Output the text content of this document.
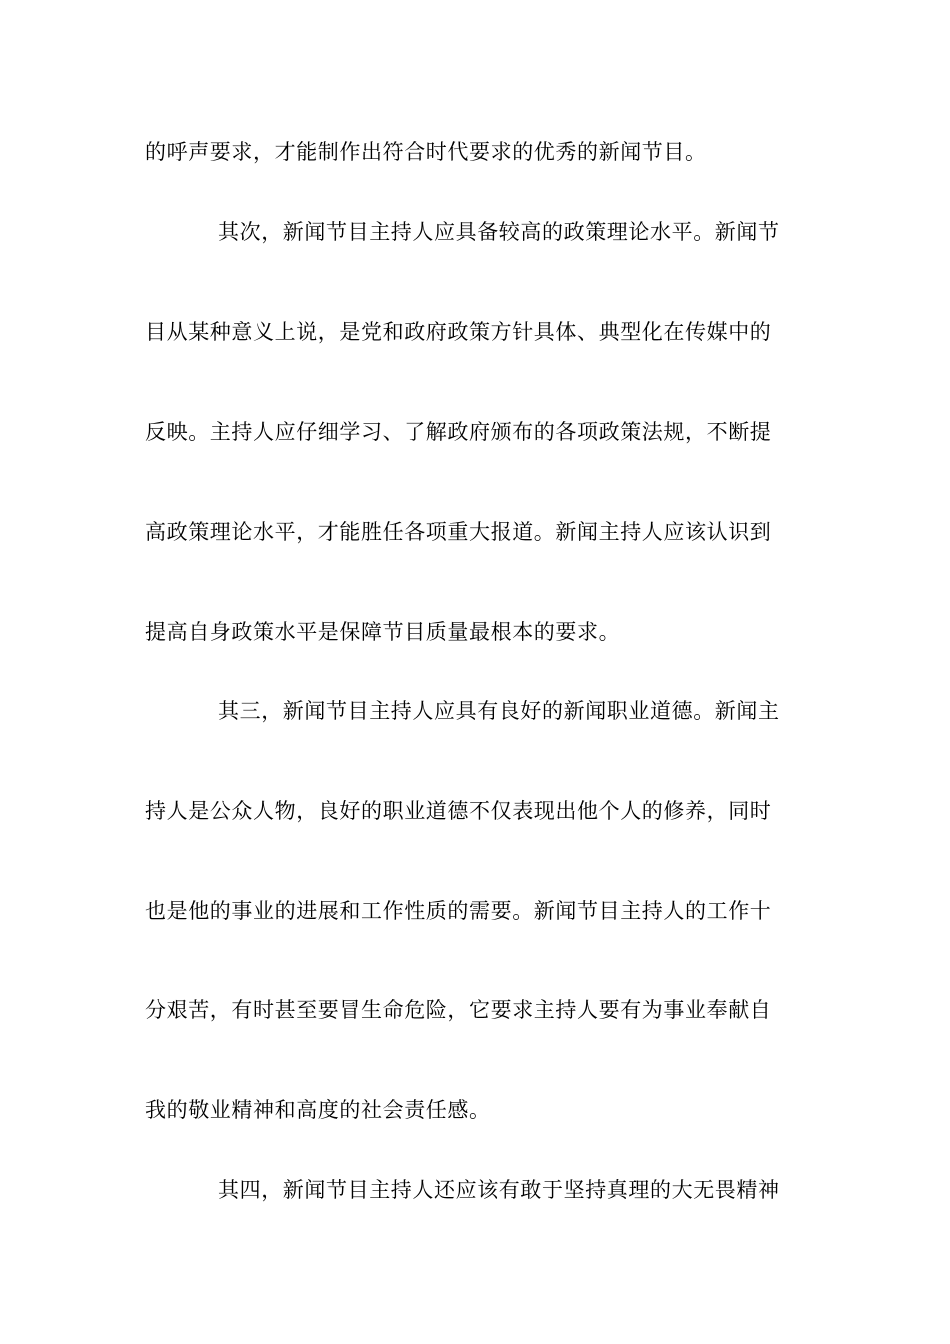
的呼声要求，才能制作出符合时代要求的优秀的新闻节目。
其次，新闻节目主持人应具备较高的政策理论水平。新闻节
目从某种意义上说，是党和政府政策方针具体、典型化在传媒中的
反映。主持人应仔细学习、了解政府颁布的各项政策法规，不断提
高政策理论水平，才能胜任各项重大报道。新闻主持人应该认识到
提高自身政策水平是保障节目质量最根本的要求。
其三，新闻节目主持人应具有良好的新闻职业道德。新闻主
持人是公众人物，良好的职业道德不仅表现出他个人的修养，同时
也是他的事业的进展和工作性质的需要。新闻节目主持人的工作十
分艰苦，有时甚至要冒生命危险，它要求主持人要有为事业奉献自
我的敬业精神和高度的社会责任感。
其四，新闻节目主持人还应该有敢于坚持真理的大无畏精神
